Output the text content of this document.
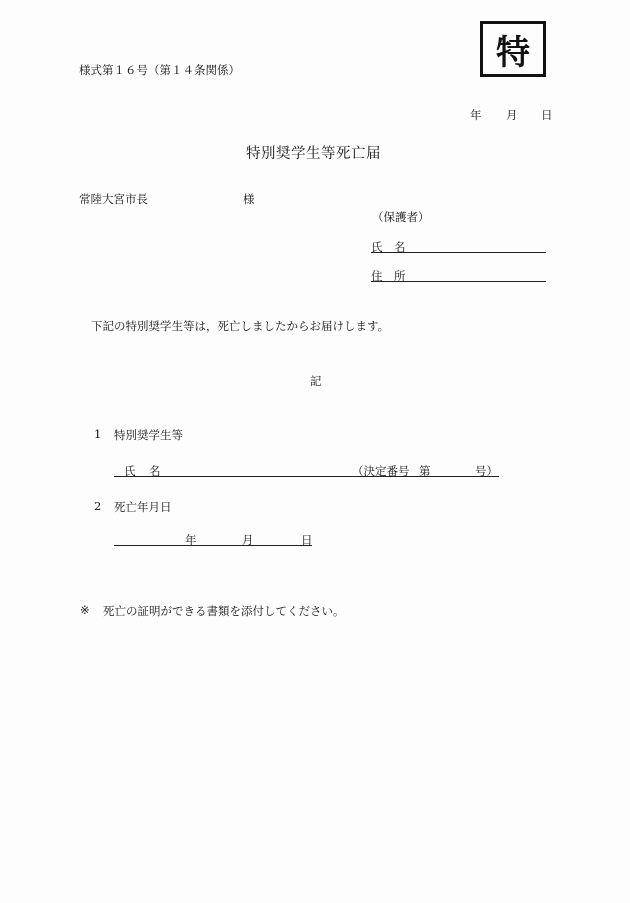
様式第１６号（第１４条関係）	特
年 月 日
特別奨学生等死亡届
常陸大宮市長	様
（保護者）
氏 名
住 所
下記の特別奨学生等は，死亡しましたからお届けします。
記
1 特別奨学生等
氏 名	（決定番号 第	号）
2 死亡年月日
年	月	日
※ 死亡の証明ができる書類を添付してください。
